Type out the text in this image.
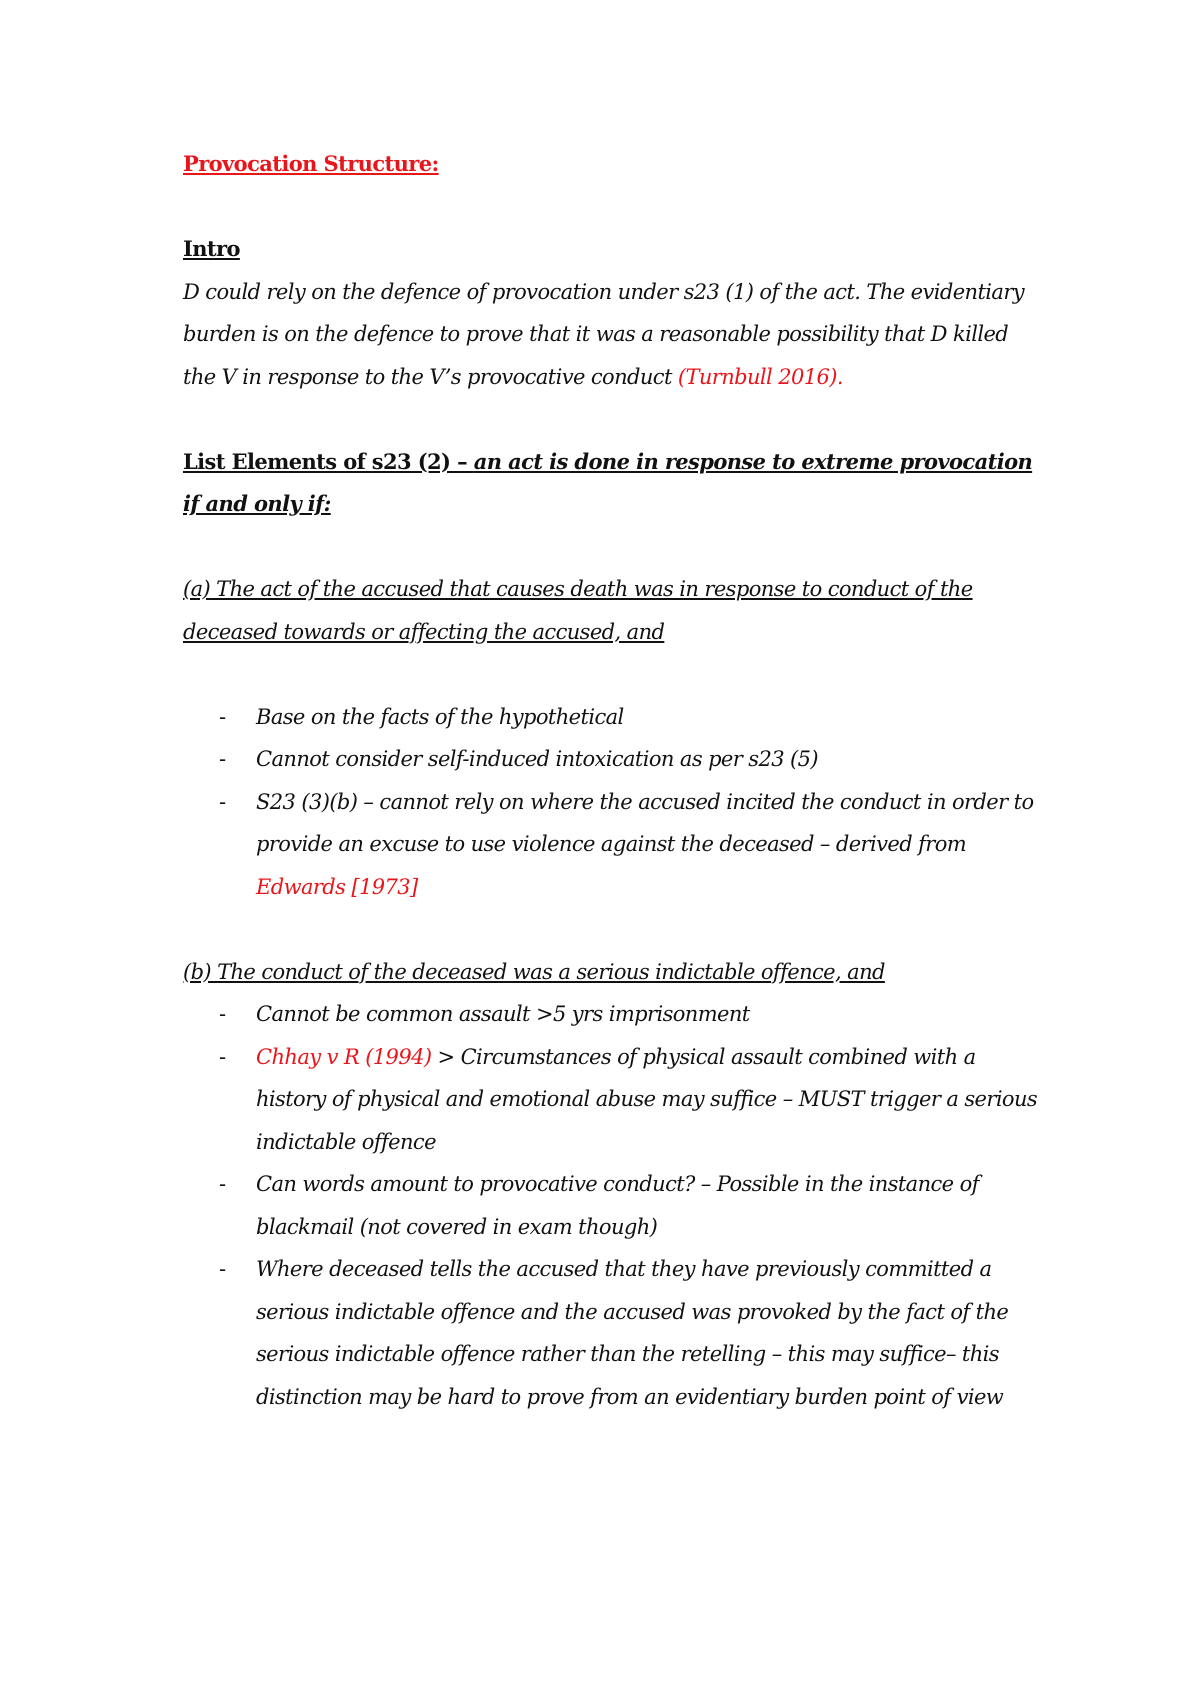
Provocation Structure:

Intro

D could rely on the defence of provocation under s23 (1) of the act. The evidentiary burden is on the defence to prove that it was a reasonable possibility that D killed the V in response to the V’s provocative conduct (Turnbull 2016).

List Elements of s23 (2) – an act is done in response to extreme provocation if and only if:

(a) The act of the accused that causes death was in response to conduct of the deceased towards or affecting the accused, and

- Base on the facts of the hypothetical
- Cannot consider self-induced intoxication as per s23 (5)
- S23 (3)(b) – cannot rely on where the accused incited the conduct in order to provide an excuse to use violence against the deceased – derived from Edwards [1973]

(b) The conduct of the deceased was a serious indictable offence, and

- Cannot be common assault >5 yrs imprisonment
- Chhay v R (1994) > Circumstances of physical assault combined with a history of physical and emotional abuse may suffice – MUST trigger a serious indictable offence
- Can words amount to provocative conduct? – Possible in the instance of blackmail (not covered in exam though)
- Where deceased tells the accused that they have previously committed a serious indictable offence and the accused was provoked by the fact of the serious indictable offence rather than the retelling – this may suffice– this distinction may be hard to prove from an evidentiary burden point of view
